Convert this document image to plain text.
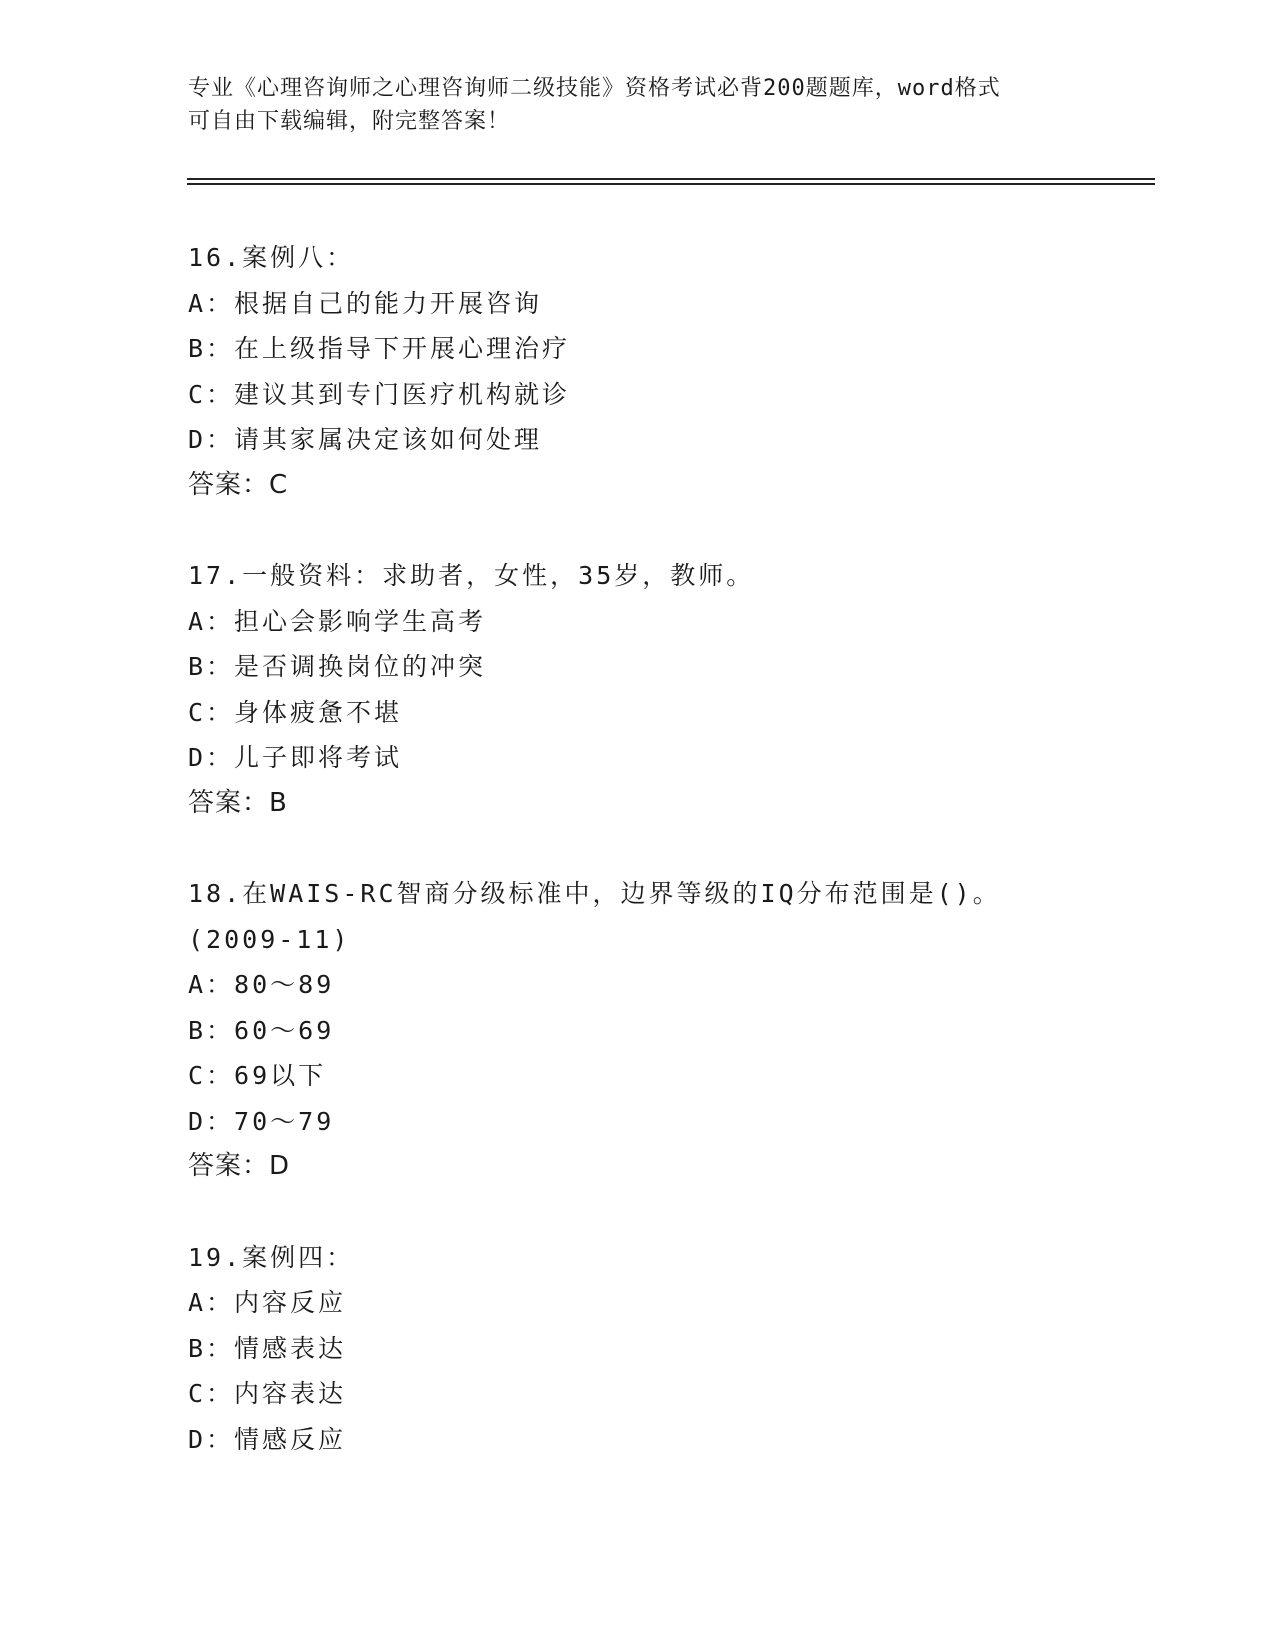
专业《心理咨询师之心理咨询师二级技能》资格考试必背200题题库，word格式
可自由下载编辑，附完整答案！
16.案例八：
A：根据自己的能力开展咨询
B：在上级指导下开展心理治疗
C：建议其到专门医疗机构就诊
D：请其家属决定该如何处理
答案：C
17.一般资料：求助者，女性，35岁，教师。
A：担心会影响学生高考
B：是否调换岗位的冲突
C：身体疲惫不堪
D：儿子即将考试
答案：B
18.在WAIS-RC智商分级标准中，边界等级的IQ分布范围是()。
(2009-11)
A：80～89
B：60～69
C：69以下
D：70～79
答案：D
19.案例四：
A：内容反应
B：情感表达
C：内容表达
D：情感反应
